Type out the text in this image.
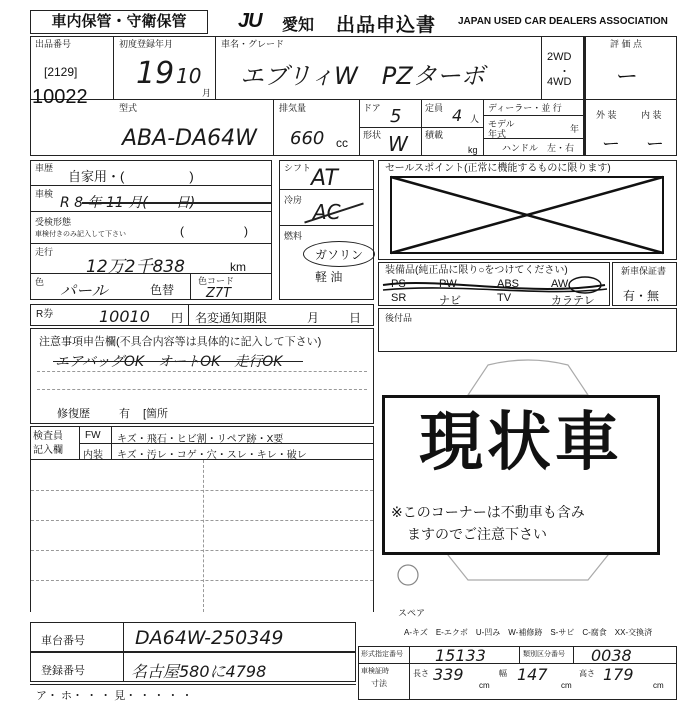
車内保管・守衛保管	JU	愛知 出品申込書 JAPAN USED CAR DEALERS ASSOCIATION
出品番号
[2129]
10022
初度登録年月
19 10
月
車名・グレード
エブリィW　PZターボ
2WD
・
4WD
評 価 点
ー
型式
ABA-DA64W
排気量
660 cc
ドア 5
形状 W
定員 4 人
積載
kg
ディーラー・並 行
モデル年式	年
ハンドル　左・右
外 装	内 装
ー ー
車歴
自家用・(　　　　　)
車検
R 8 年 11 月(　　日)
受検形態
車検付きのみ記入して下さい	(　　　　　)
走行
12万2千838	km
色 パール	色替
色コード
Z7T
シフト AT
冷房 AC
燃料
ガソリン
軽 油
R券	10010 円 名変通知期限	月 日
セールスポイント(正常に機能するものに限ります)
装備品(純正品に限り○をつけてください)
PS	PW	ABS	AW
SR	ナビ	TV	カラテレ
新車保証書
有・無
後付品
注意事項申告欄(不具合内容等は具体的に記入して下さい)
エアバッグOK　オートOK　走行OK
修復歴	有 [箇所
検査員
記入欄
FW キズ・飛石・ヒビ割・リペア跡・X要
内装 キズ・汚レ・コゲ・穴・スレ・キレ・破レ	現状車
※このコーナーは不動車も含み
ますのでご注意下さい
スペア
A-キズ　E-エクボ　U-凹み　W-補修跡　S-サビ　C-腐食　XX-交換済
車台番号	DA64W-250349
登録番号	名古屋580に4798
ア・ ホ・ ・ ・ 見・ ・ ・ ・ ・
形式指定番号 15133	類別区分番号 0038
車検証時
寸法
長さ 339
cm
幅 147
cm
高さ 179
cm
